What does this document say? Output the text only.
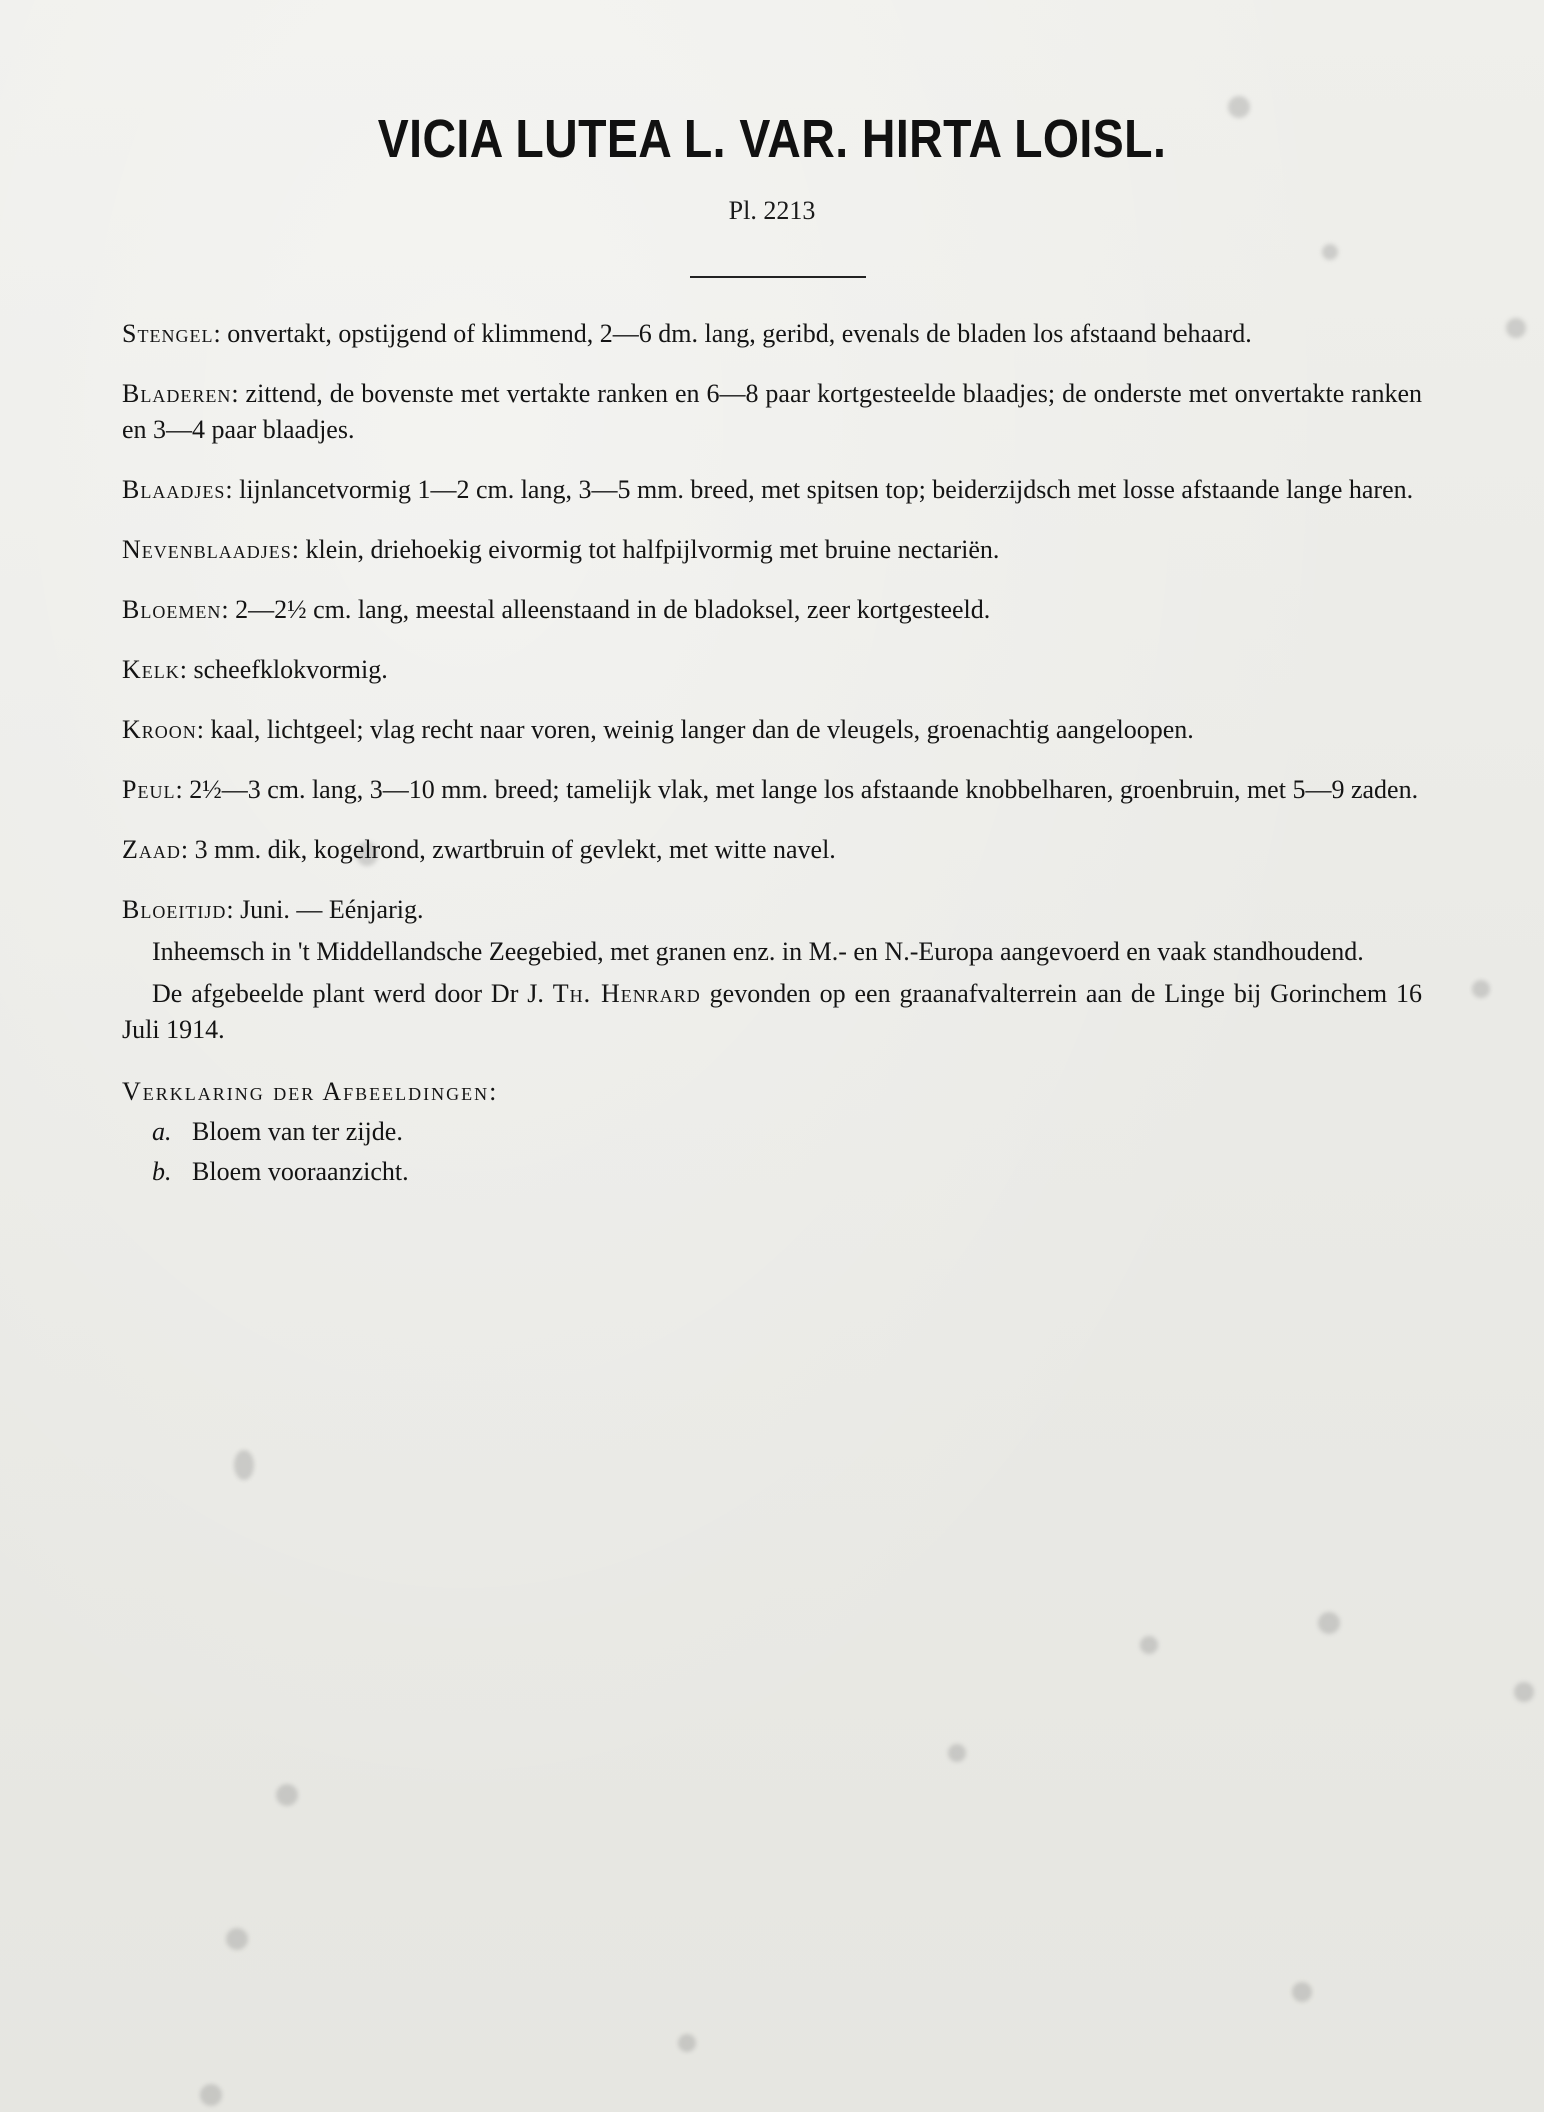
VICIA LUTEA L. VAR. HIRTA LOISL.
Pl. 2213

Stengel: onvertakt, opstijgend of klimmend, 2—6 dm. lang, geribd, evenals de bladen los afstaand behaard.

Bladeren: zittend, de bovenste met vertakte ranken en 6—8 paar kortgesteelde blaadjes; de onderste met onvertakte ranken en 3—4 paar blaadjes.

Blaadjes: lijnlancetvormig 1—2 cm. lang, 3—5 mm. breed, met spitsen top; beiderzijdsch met losse afstaande lange haren.

Nevenblaadjes: klein, driehoekig eivormig tot halfpijlvormig met bruine nectariën.

Bloemen: 2—2½ cm. lang, meestal alleenstaand in de bladoksel, zeer kortgesteeld.

Kelk: scheefklokvormig.

Kroon: kaal, lichtgeel; vlag recht naar voren, weinig langer dan de vleugels, groenachtig aangeloopen.

Peul: 2½—3 cm. lang, 3—10 mm. breed; tamelijk vlak, met lange los afstaande knobbelharen, groenbruin, met 5—9 zaden.

Zaad: 3 mm. dik, kogelrond, zwartbruin of gevlekt, met witte navel.

Bloeitijd: Juni. — Eénjarig.

Inheemsch in 't Middellandsche Zeegebied, met granen enz. in M.- en N.-Europa aangevoerd en vaak standhoudend.

De afgebeelde plant werd door Dr J. Th. Henrard gevonden op een graanafvalterrein aan de Linge bij Gorinchem 16 Juli 1914.

Verklaring der Afbeeldingen:

a. Bloem van ter zijde.

b. Bloem vooraanzicht.
